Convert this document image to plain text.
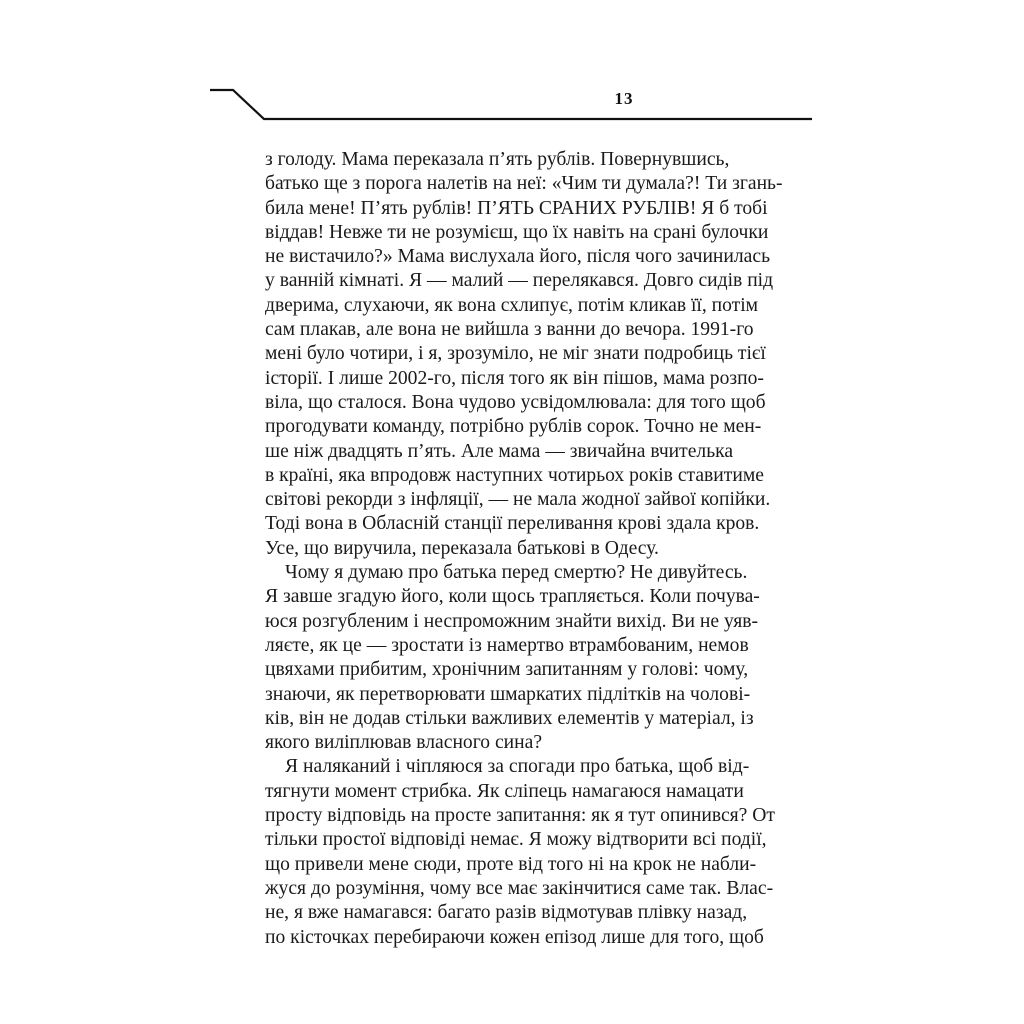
13

з голоду. Мама переказала п’ять рублів. Повернувшись,
батько ще з порога налетів на неї: «Чим ти думала?! Ти згань-
била мене! П’ять рублів! П’ЯТЬ СРАНИХ РУБЛІВ! Я б тобі
віддав! Невже ти не розумієш, що їх навіть на срані булочки
не вистачило?» Мама вислухала його, після чого зачинилась
у ванній кімнаті. Я — малий — перелякався. Довго сидів під
дверима, слухаючи, як вона схлипує, потім кликав її, потім
сам плакав, але вона не вийшла з ванни до вечора. 1991-го
мені було чотири, і я, зрозуміло, не міг знати подробиць тієї
історії. І лише 2002-го, після того як він пішов, мама розпо-
віла, що сталося. Вона чудово усвідомлювала: для того щоб
прогодувати команду, потрібно рублів сорок. Точно не мен-
ше ніж двадцять п’ять. Але мама — звичайна вчителька
в країні, яка впродовж наступних чотирьох років ставитиме
світові рекорди з інфляції, — не мала жодної зайвої копійки.
Тоді вона в Обласній станції переливання крові здала кров.
Усе, що виручила, переказала батькові в Одесу.

Чому я думаю про батька перед смертю? Не дивуйтесь.
Я завше згадую його, коли щось трапляється. Коли почува-
юся розгубленим і неспроможним знайти вихід. Ви не уяв-
ляєте, як це — зростати із намертво втрамбованим, немов
цвяхами прибитим, хронічним запитанням у голові: чому,
знаючи, як перетворювати шмаркатих підлітків на чолові-
ків, він не додав стільки важливих елементів у матеріал, із
якого виліплював власного сина?

Я наляканий і чіпляюся за спогади про батька, щоб від-
тягнути момент стрибка. Як сліпець намагаюся намацати
просту відповідь на просте запитання: як я тут опинився? От
тільки простої відповіді немає. Я можу відтворити всі події,
що привели мене сюди, проте від того ні на крок не набли-
жуся до розуміння, чому все має закінчитися саме так. Влас-
не, я вже намагався: багато разів відмотував плівку назад,
по кісточках перебираючи кожен епізод лише для того, щоб
